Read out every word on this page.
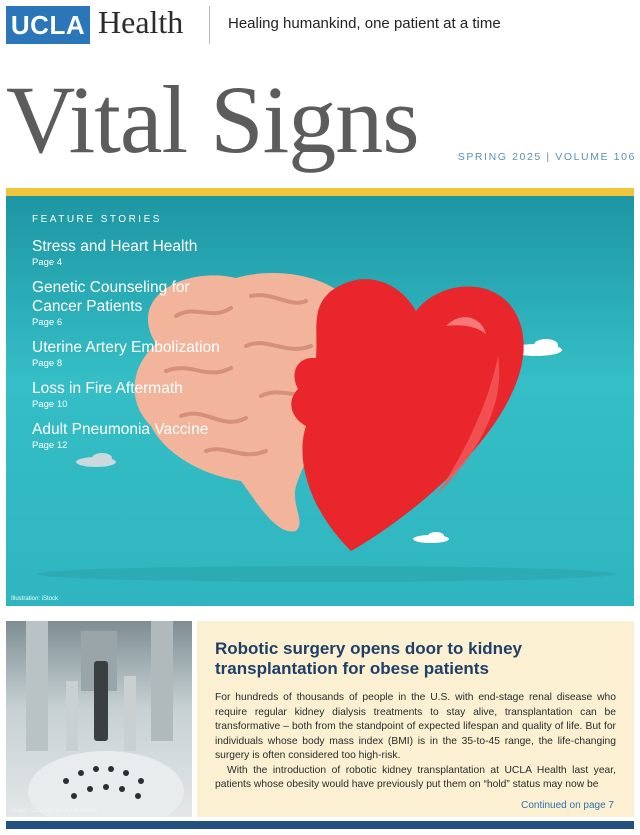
UCLA Health	Healing humankind, one patient at a time
Vital Signs	SPRING 2025 | VOLUME 106
FEATURE STORIES
Stress and Heart Health
Page 4
Genetic Counseling for Cancer Patients
Page 6
Uterine Artery Embolization
Page 8
Loss in Fire Aftermath
Page 10
Adult Pneumonia Vaccine
Page 12
Illustration: iStock
Image: Courtesy of UCLA Health
Robotic surgery opens door to kidney transplantation for obese patients

For hundreds of thousands of people in the U.S. with end-stage renal disease who require regular kidney dialysis treatments to stay alive, transplantation can be transformative – both from the standpoint of expected lifespan and quality of life. But for individuals whose body mass index (BMI) is in the 35-to-45 range, the life-changing surgery is often considered too high-risk.

With the introduction of robotic kidney transplantation at UCLA Health last year, patients whose obesity would have previously put them on “hold” status may now be

Continued on page 7
